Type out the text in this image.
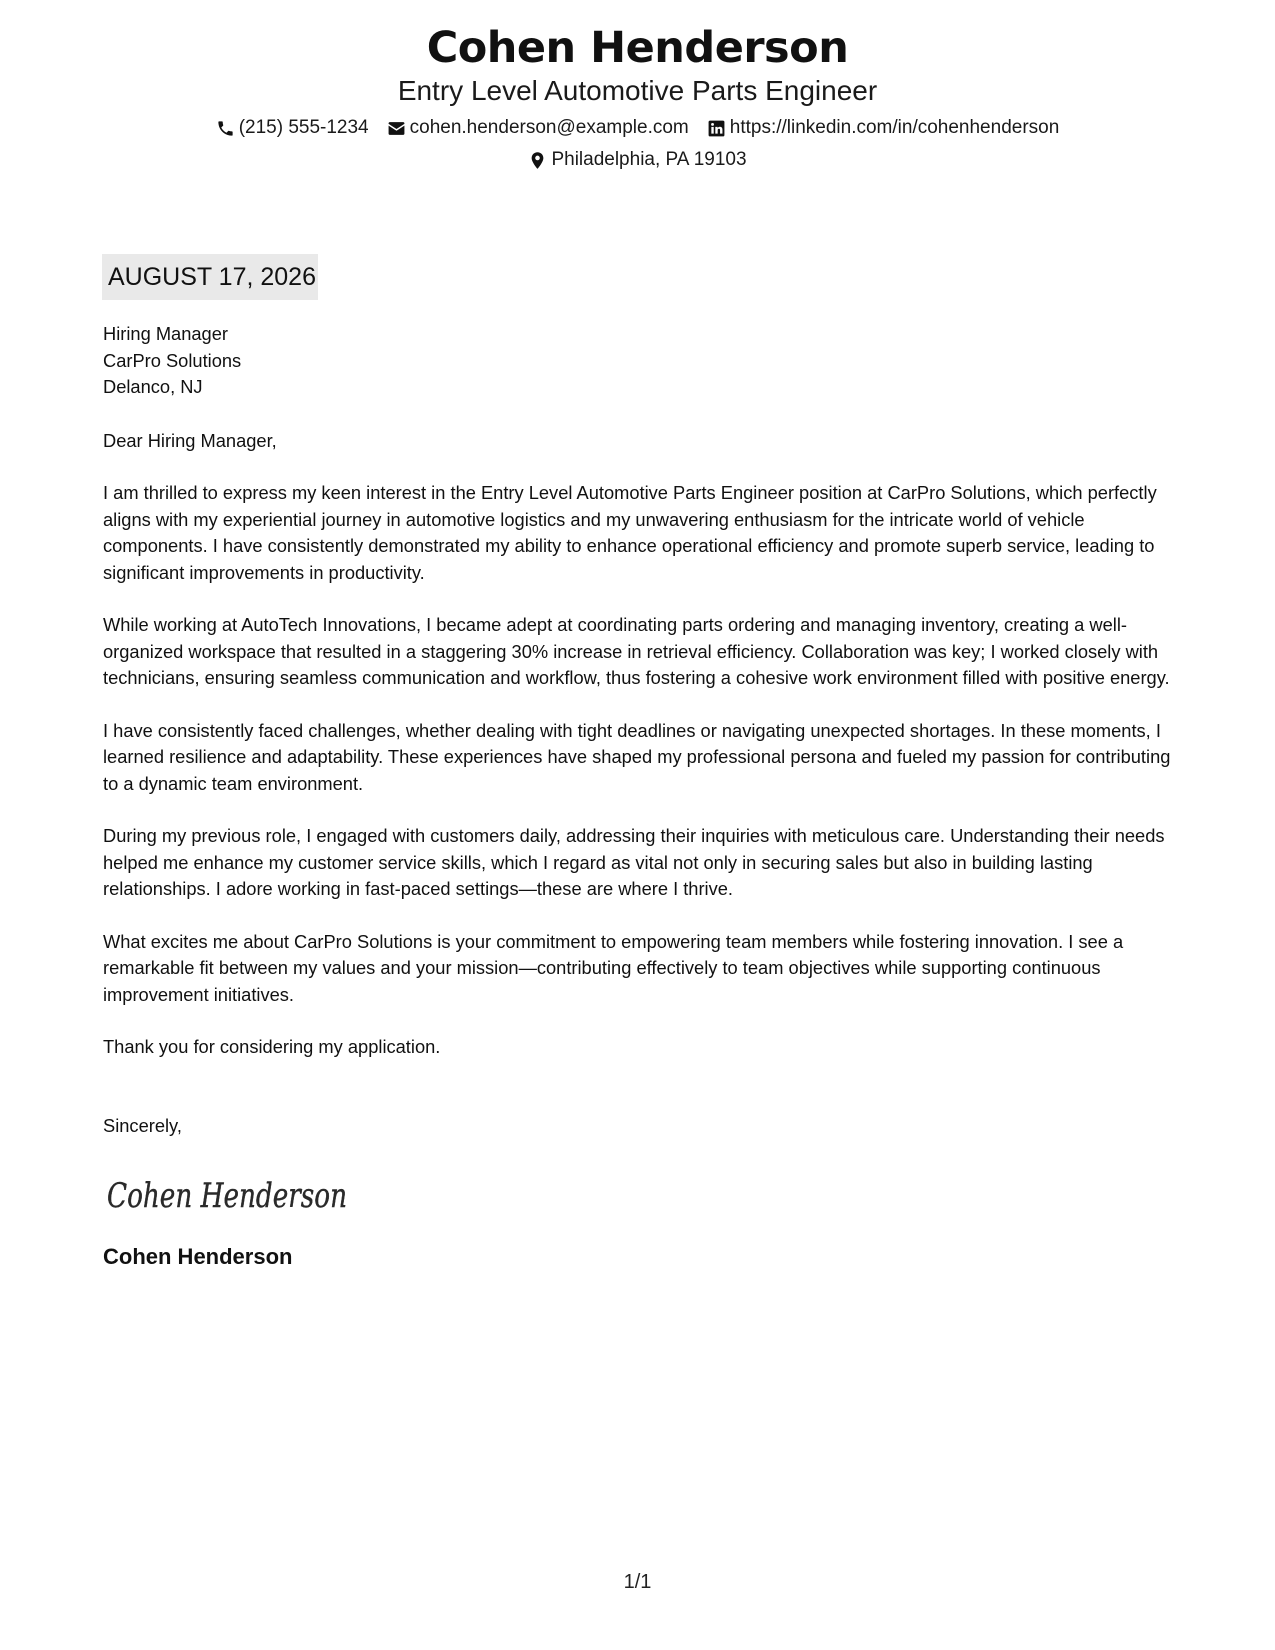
Cohen Henderson
Entry Level Automotive Parts Engineer
(215) 555-1234 cohen.henderson@example.com https://linkedin.com/in/cohenhenderson
Philadelphia, PA 19103
AUGUST 17, 2026
Hiring Manager
CarPro Solutions
Delanco, NJ
Dear Hiring Manager,

I am thrilled to express my keen interest in the Entry Level Automotive Parts Engineer position at CarPro Solutions, which perfectly aligns with my experiential journey in automotive logistics and my unwavering enthusiasm for the intricate world of vehicle components. I have consistently demonstrated my ability to enhance operational efficiency and promote superb service, leading to significant improvements in productivity.

While working at AutoTech Innovations, I became adept at coordinating parts ordering and managing inventory, creating a well-organized workspace that resulted in a staggering 30% increase in retrieval efficiency. Collaboration was key; I worked closely with technicians, ensuring seamless communication and workflow, thus fostering a cohesive work environment filled with positive energy.

I have consistently faced challenges, whether dealing with tight deadlines or navigating unexpected shortages. In these moments, I learned resilience and adaptability. These experiences have shaped my professional persona and fueled my passion for contributing to a dynamic team environment.

During my previous role, I engaged with customers daily, addressing their inquiries with meticulous care. Understanding their needs helped me enhance my customer service skills, which I regard as vital not only in securing sales but also in building lasting relationships. I adore working in fast-paced settings—these are where I thrive.

What excites me about CarPro Solutions is your commitment to empowering team members while fostering innovation. I see a remarkable fit between my values and your mission—contributing effectively to team objectives while supporting continuous improvement initiatives.

Thank you for considering my application.

Sincerely,
Cohen Henderson
Cohen Henderson
1/1
